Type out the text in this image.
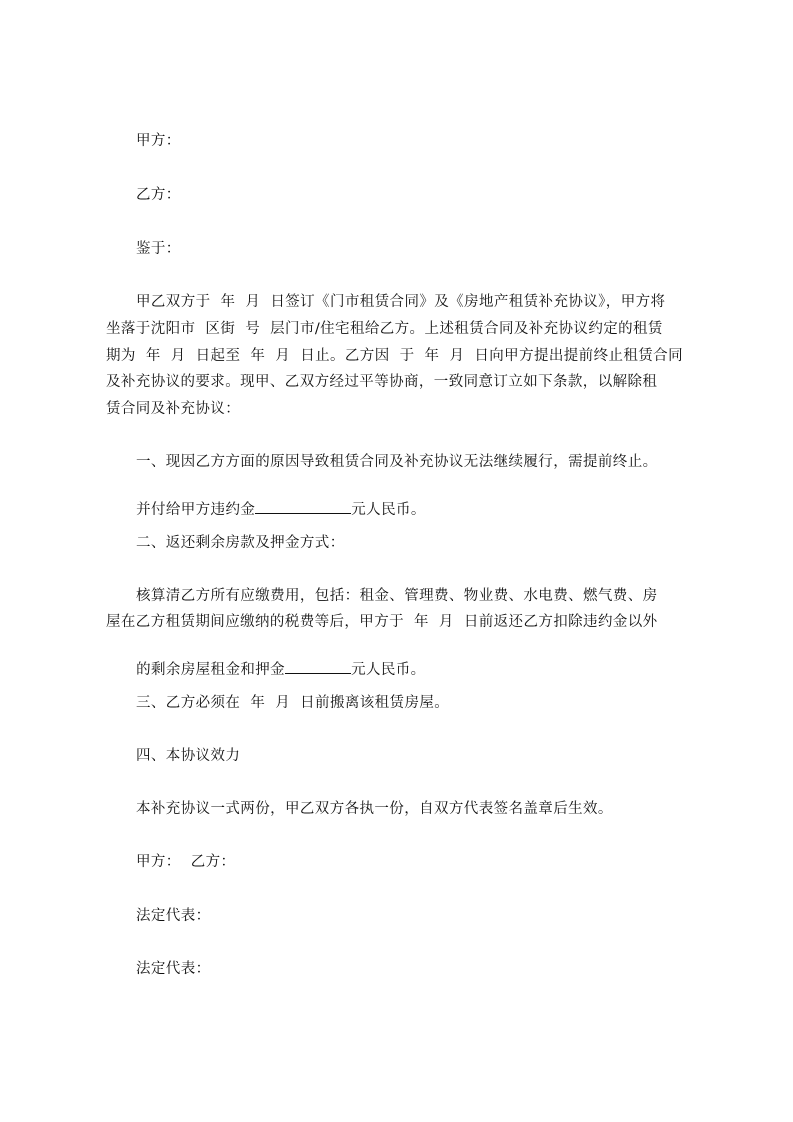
甲方：
乙方：
鉴于：
甲乙双方于  年  月  日签订《门市租赁合同》及《房地产租赁补充协议》，甲方将
坐落于沈阳市  区街  号  层门市/住宅租给乙方。上述租赁合同及补充协议约定的租赁
期为  年  月  日起至  年  月  日止。乙方因  于  年  月  日向甲方提出提前终止租赁合同
及补充协议的要求。现甲、乙双方经过平等协商，一致同意订立如下条款，以解除租
赁合同及补充协议：
一、现因乙方方面的原因导致租赁合同及补充协议无法继续履行，需提前终止。

并付给甲方违约金	元人民币。

二、返还剩余房款及押金方式：
核算清乙方所有应缴费用，包括：租金、管理费、物业费、水电费、燃气费、房
屋在乙方租赁期间应缴纳的税费等后，甲方于  年  月  日前返还乙方扣除违约金以外

的剩余房屋租金和押金	元人民币。

三、乙方必须在  年  月  日前搬离该租赁房屋。
四、本协议效力
本补充协议一式两份，甲乙双方各执一份，自双方代表签名盖章后生效。
甲方：  乙方：
法定代表：
法定代表：
